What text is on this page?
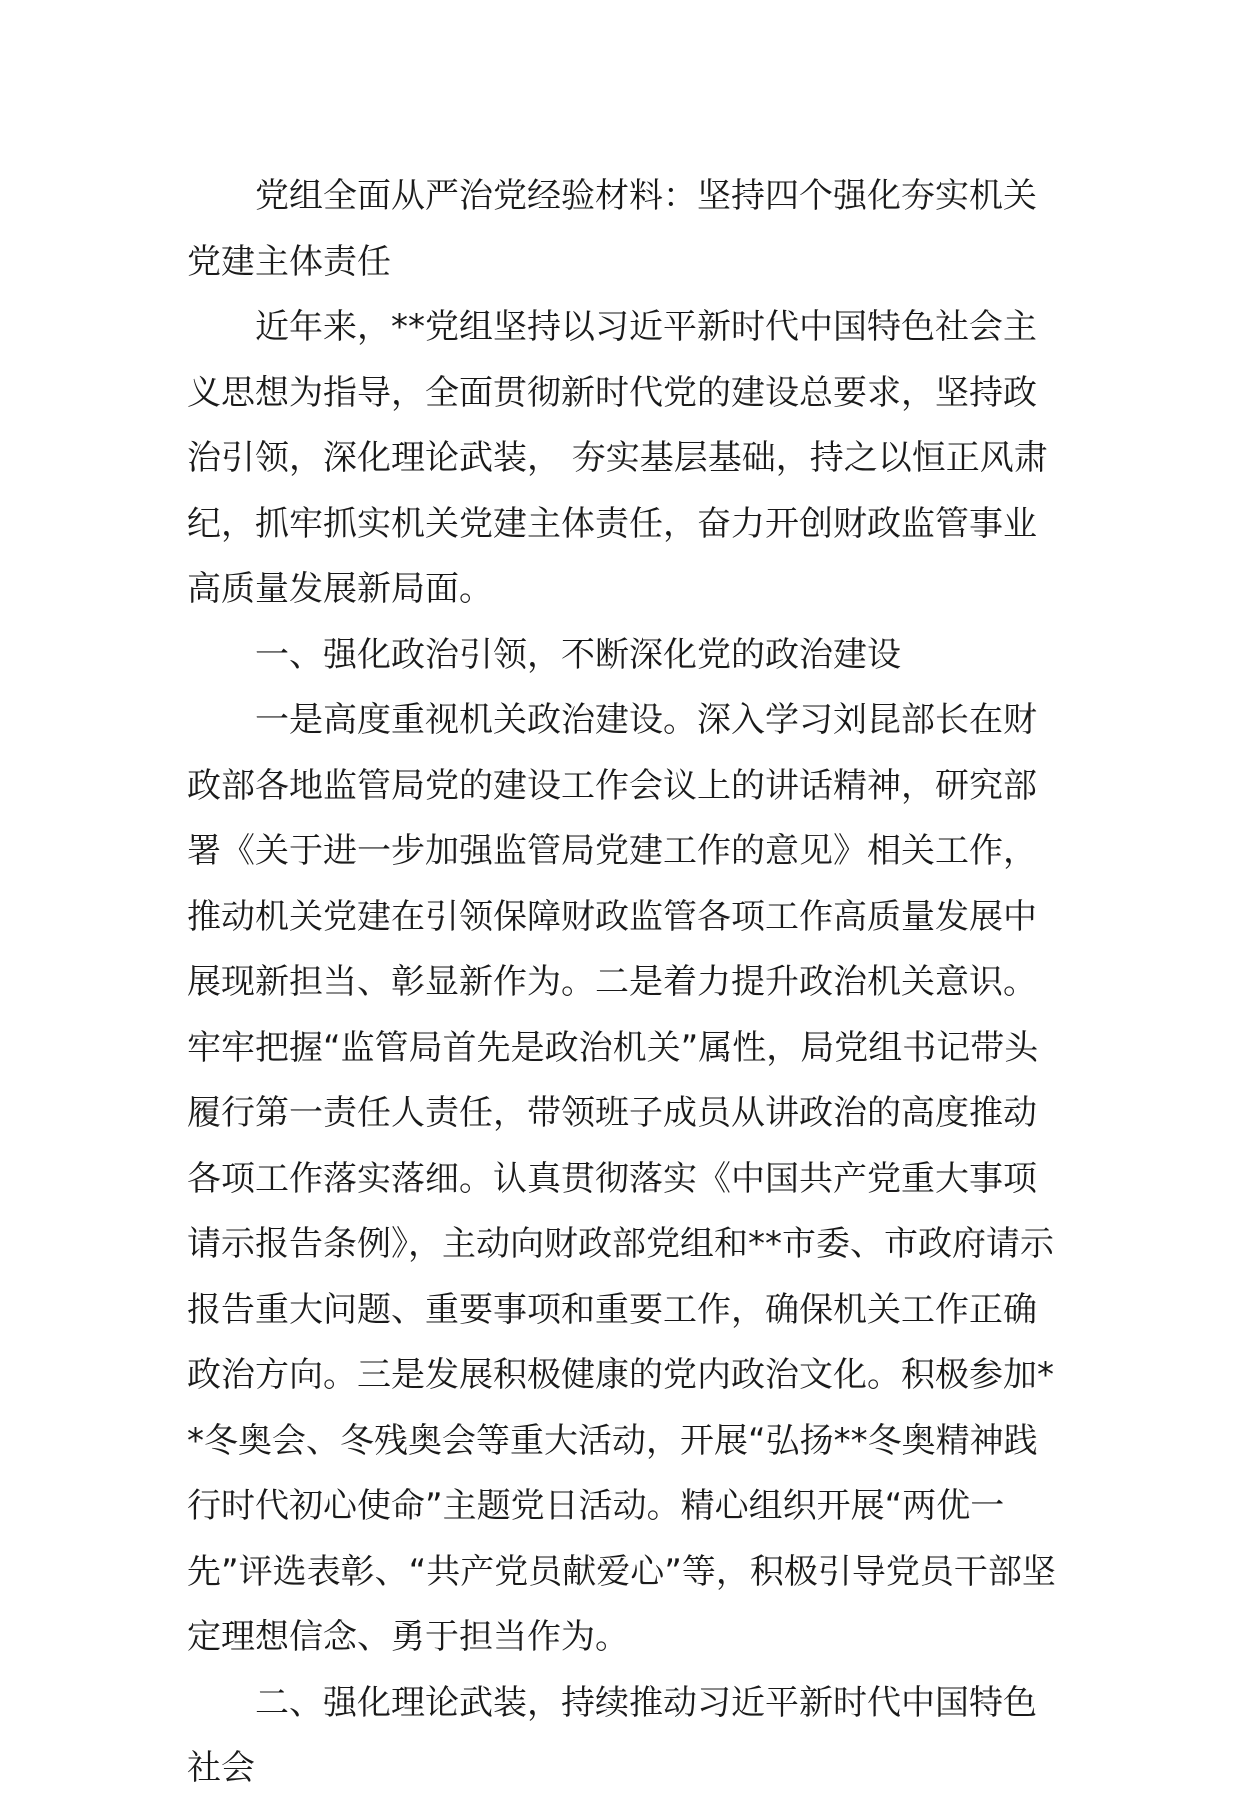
党组全面从严治党经验材料：坚持四个强化夯实机关党建主体责任

近年来，**党组坚持以习近平新时代中国特色社会主义思想为指导，全面贯彻新时代党的建设总要求，坚持政治引领，深化理论武装， 夯实基层基础，持之以恒正风肃纪，抓牢抓实机关党建主体责任，奋力开创财政监管事业高质量发展新局面。

一、强化政治引领，不断深化党的政治建设

一是高度重视机关政治建设。深入学习刘昆部长在财政部各地监管局党的建设工作会议上的讲话精神，研究部署《关于进一步加强监管局党建工作的意见》相关工作，推动机关党建在引领保障财政监管各项工作高质量发展中展现新担当、彰显新作为。二是着力提升政治机关意识。牢牢把握“监管局首先是政治机关”属性，局党组书记带头履行第一责任人责任，带领班子成员从讲政治的高度推动各项工作落实落细。认真贯彻落实《中国共产党重大事项请示报告条例》，主动向财政部党组和**市委、市政府请示报告重大问题、重要事项和重要工作，确保机关工作正确政治方向。三是发展积极健康的党内政治文化。积极参加**冬奥会、冬残奥会等重大活动，开展“弘扬**冬奥精神践行时代初心使命”主题党日活动。精心组织开展“两优一先”评选表彰、“共产党员献爱心”等，积极引导党员干部坚定理想信念、勇于担当作为。

二、强化理论武装，持续推动习近平新时代中国特色社会
